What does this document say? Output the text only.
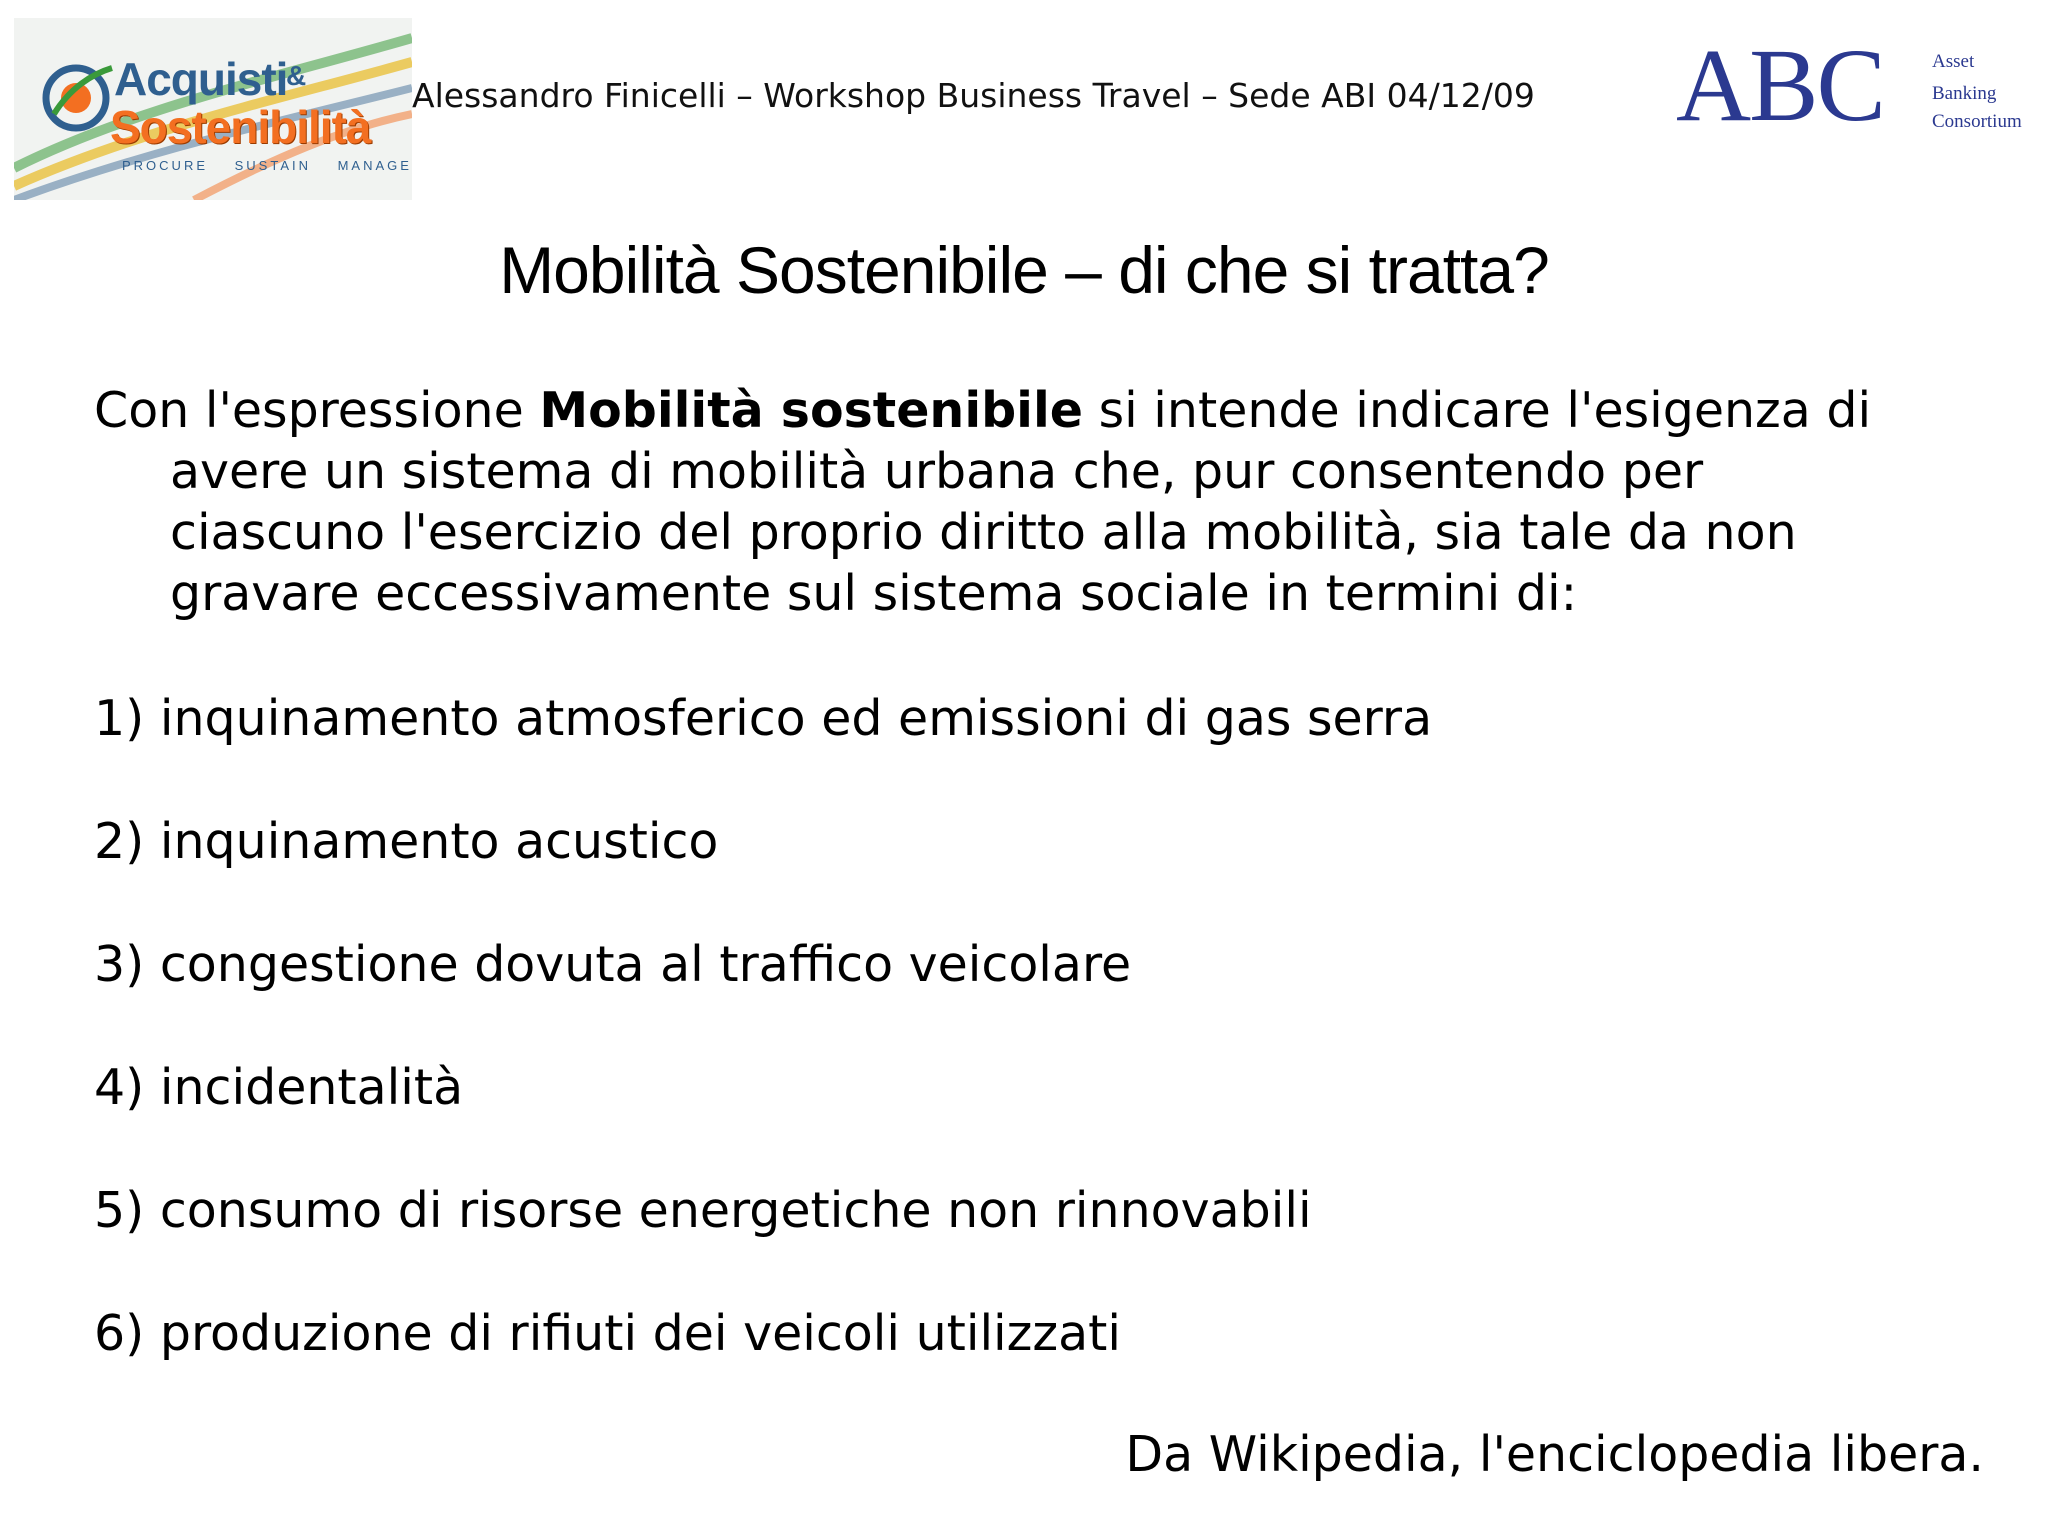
Acquisti
&
Sostenibilità
PROCURE SUSTAIN MANAGE
Alessandro Finicelli – Workshop Business Travel – Sede ABI 04/12/09 ABC	Asset
Banking
Consortium
Mobilità Sostenibile – di che si tratta?
Con l'espressione Mobilità sostenibile si intende indicare l'esigenza di
avere un sistema di mobilità urbana che, pur consentendo per
ciascuno l'esercizio del proprio diritto alla mobilità, sia tale da non
gravare eccessivamente sul sistema sociale in termini di:
1) inquinamento atmosferico ed emissioni di gas serra
2) inquinamento acustico
3) congestione dovuta al traffico veicolare
4) incidentalità
5) consumo di risorse energetiche non rinnovabili
6) produzione di rifiuti dei veicoli utilizzati
Da Wikipedia, l'enciclopedia libera.
